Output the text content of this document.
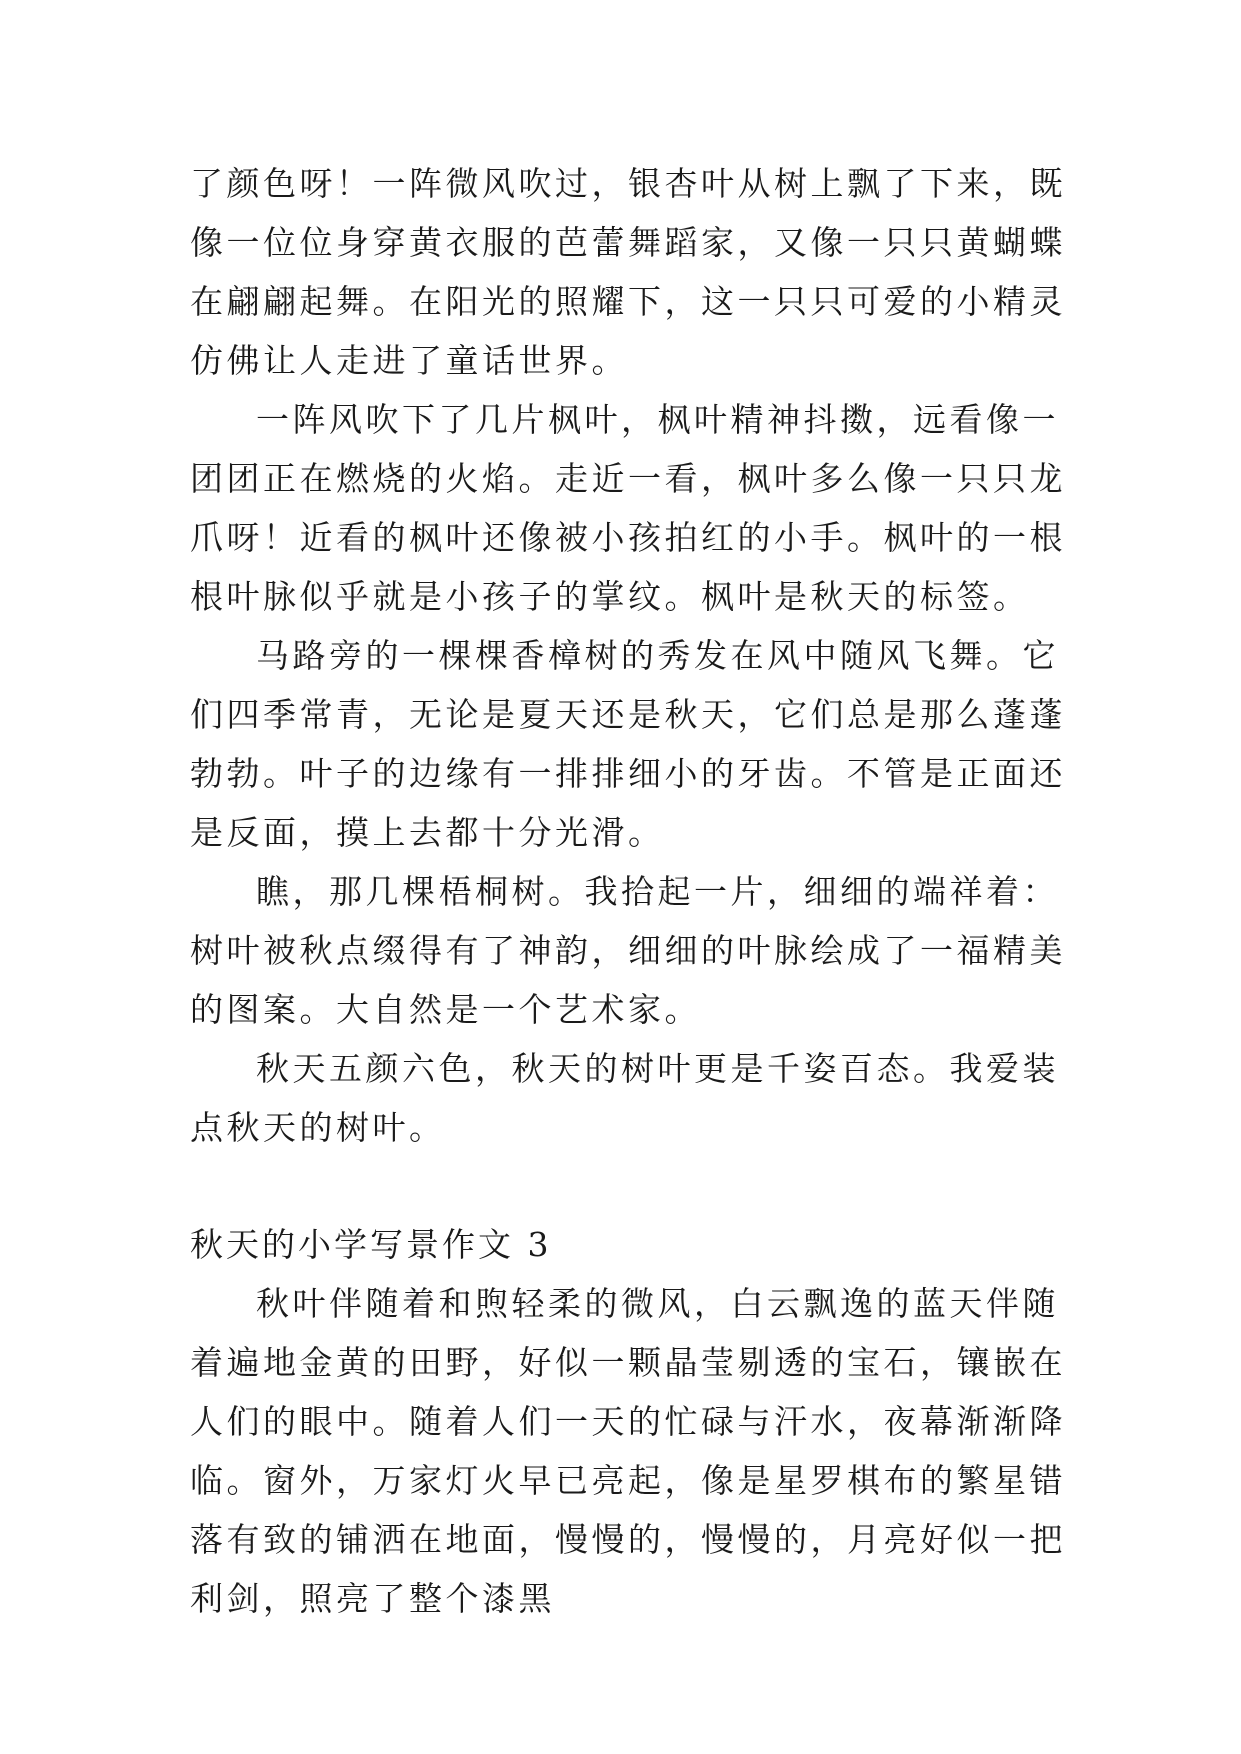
了颜色呀！一阵微风吹过，银杏叶从树上飘了下来，既像一位位身穿黄衣服的芭蕾舞蹈家，又像一只只黄蝴蝶在翩翩起舞。在阳光的照耀下，这一只只可爱的小精灵仿佛让人走进了童话世界。

一阵风吹下了几片枫叶，枫叶精神抖擞，远看像一团团正在燃烧的火焰。走近一看，枫叶多么像一只只龙爪呀！近看的枫叶还像被小孩拍红的小手。枫叶的一根根叶脉似乎就是小孩子的掌纹。枫叶是秋天的标签。

马路旁的一棵棵香樟树的秀发在风中随风飞舞。它们四季常青，无论是夏天还是秋天，它们总是那么蓬蓬勃勃。叶子的边缘有一排排细小的牙齿。不管是正面还是反面，摸上去都十分光滑。

瞧，那几棵梧桐树。我拾起一片，细细的端祥着：树叶被秋点缀得有了神韵，细细的叶脉绘成了一福精美的图案。大自然是一个艺术家。

秋天五颜六色，秋天的树叶更是千姿百态。我爱装点秋天的树叶。

秋天的小学写景作文 3

秋叶伴随着和煦轻柔的微风，白云飘逸的蓝天伴随着遍地金黄的田野，好似一颗晶莹剔透的宝石，镶嵌在人们的眼中。随着人们一天的忙碌与汗水，夜幕渐渐降临。窗外，万家灯火早已亮起，像是星罗棋布的繁星错落有致的铺洒在地面，慢慢的，慢慢的，月亮好似一把利剑，照亮了整个漆黑
